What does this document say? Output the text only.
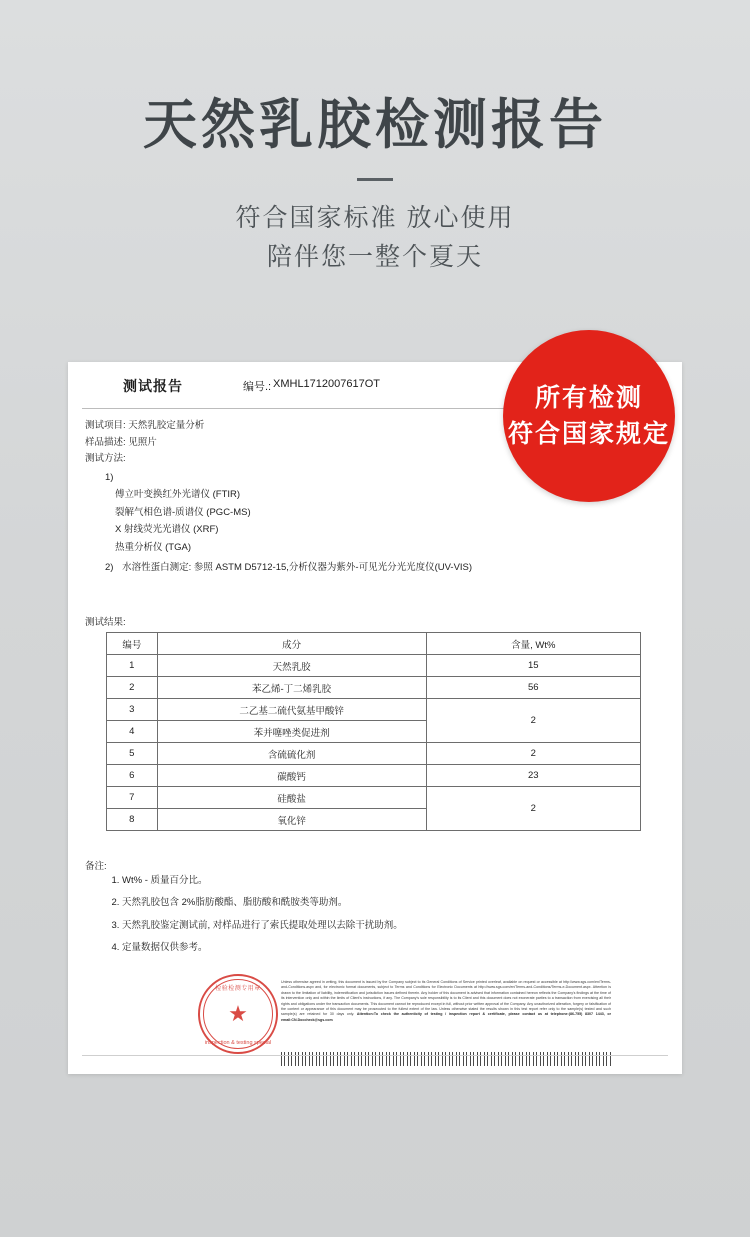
天然乳胶检测报告
符合国家标准 放心使用
陪伴您一整个夏天
测试报告	编号.: XMHL1712007617OT
测试项目: 天然乳胶定量分析
样品描述: 见照片
测试方法:
1)
傅立叶变换红外光谱仪 (FTIR)
裂解气相色谱-质谱仪 (PGC-MS)
X 射线荧光光谱仪 (XRF)
热重分析仪 (TGA)
2) 水溶性蛋白测定: 参照 ASTM D5712-15,分析仪器为紫外-可见光分光光度仪(UV-VIS)
测试结果:
编号	成分	含量, Wt%
1	天然乳胶	15
2	苯乙烯-丁二烯乳胶	56
3	二乙基二硫代氨基甲酸锌	2
4	苯并噻唑类促进剂	
5	含硫硫化剂	2
6	碳酸钙	23
7	硅酸盐	2
8	氧化锌	
备注:
1. Wt% - 质量百分比。
2. 天然乳胶包含 2%脂肪酸酯、脂肪酸和酰胺类等助剂。
3. 天然乳胶鉴定测试前, 对样品进行了索氏提取处理以去除干扰助剂。
4. 定量数据仅供参考。
检验检测专用章
★
inspection & testing special
Unless otherwise agreed in writing, this document is issued by the Company subject to its General Conditions of Service printed overleaf, available on request or accessible at http://www.sgs.com/en/Terms-and-Conditions.aspx and, for electronic format documents, subject to Terms and Conditions for Electronic Documents at http://www.sgs.com/en/Terms-and-Conditions/Terms-e-Document.aspx. Attention is drawn to the limitation of liability, indemnification and jurisdiction issues defined therein. Any holder of this document is advised that information contained hereon reflects the Company's findings at the time of its intervention only and within the limits of Client's instructions, if any. The Company's sole responsibility is to its Client and this document does not exonerate parties to a transaction from exercising all their rights and obligations under the transaction documents. This document cannot be reproduced except in full, without prior written approval of the Company. Any unauthorized alteration, forgery or falsification of the content or appearance of this document may be prosecuted to the fullest extent of the law. Unless otherwise stated the results shown in this test report refer only to the sample(s) tested and such sample(s) are retained for 30 days only. Attention:To check the authenticity of testing / inspection report & certificate, please contact us at telephone:(86-755) 8307 1443, or email:CN.Doccheck@sgs.com
所有检测
符合国家规定
